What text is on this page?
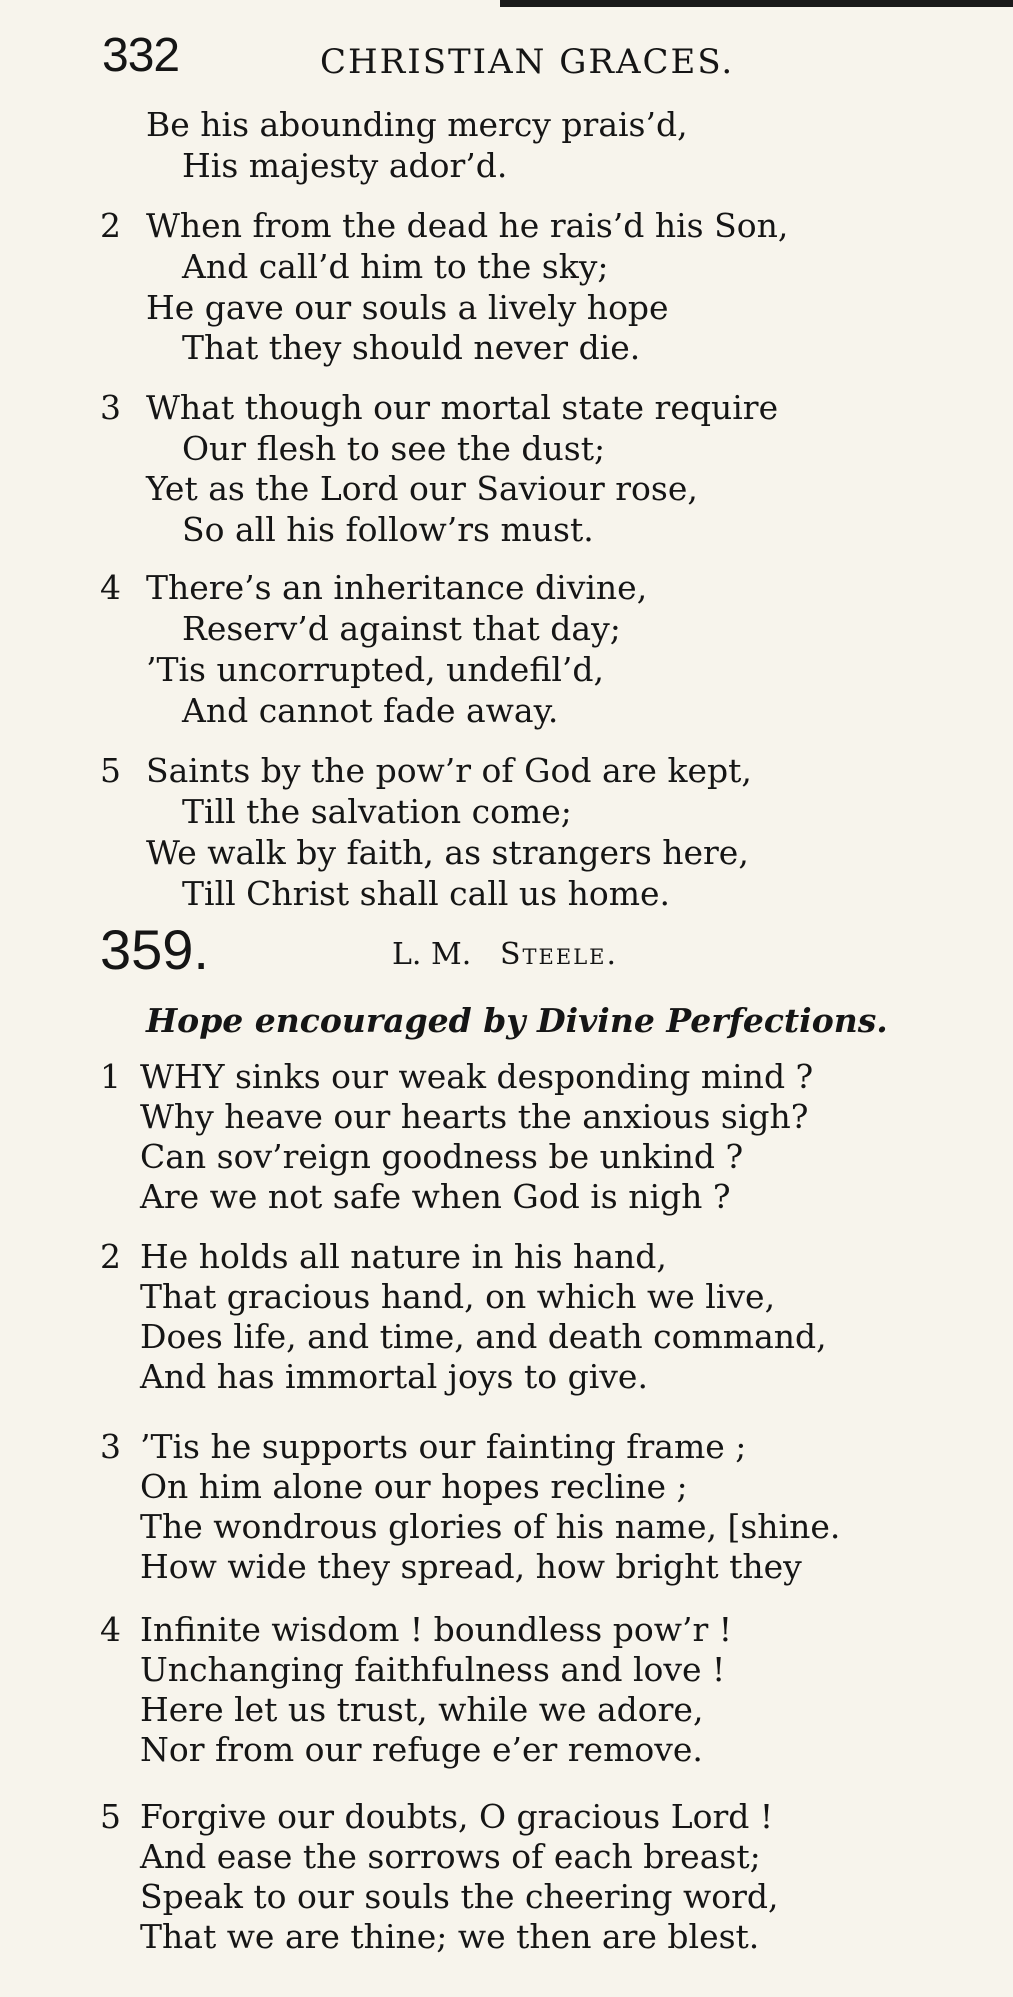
332	CHRISTIAN GRACES.
Be his abounding mercy prais’d,
His majesty ador’d.
2 When from the dead he rais’d his Son,
And call’d him to the sky;
He gave our souls a lively hope
That they should never die.
3 What though our mortal state require
Our flesh to see the dust;
Yet as the Lord our Saviour rose,
So all his follow’rs must.
4 There’s an inheritance divine,
Reserv’d against that day;
’Tis uncorrupted, undefil’d,
And cannot fade away.
5 Saints by the pow’r of God are kept,
Till the salvation come;
We walk by faith, as strangers here,
Till Christ shall call us home.
359.	L. M. Steele.
Hope encouraged by Divine Perfections.
1 WHY sinks our weak desponding mind ?
Why heave our hearts the anxious sigh?
Can sov’reign goodness be unkind ?
Are we not safe when God is nigh ?
2 He holds all nature in his hand,
That gracious hand, on which we live,
Does life, and time, and death command,
And has immortal joys to give.
3 ’Tis he supports our fainting frame ;
On him alone our hopes recline ;
The wondrous glories of his name, [shine.
How wide they spread, how bright they
4 Infinite wisdom ! boundless pow’r !
Unchanging faithfulness and love !
Here let us trust, while we adore,
Nor from our refuge e’er remove.
5 Forgive our doubts, O gracious Lord !
And ease the sorrows of each breast;
Speak to our souls the cheering word,
That we are thine; we then are blest.
